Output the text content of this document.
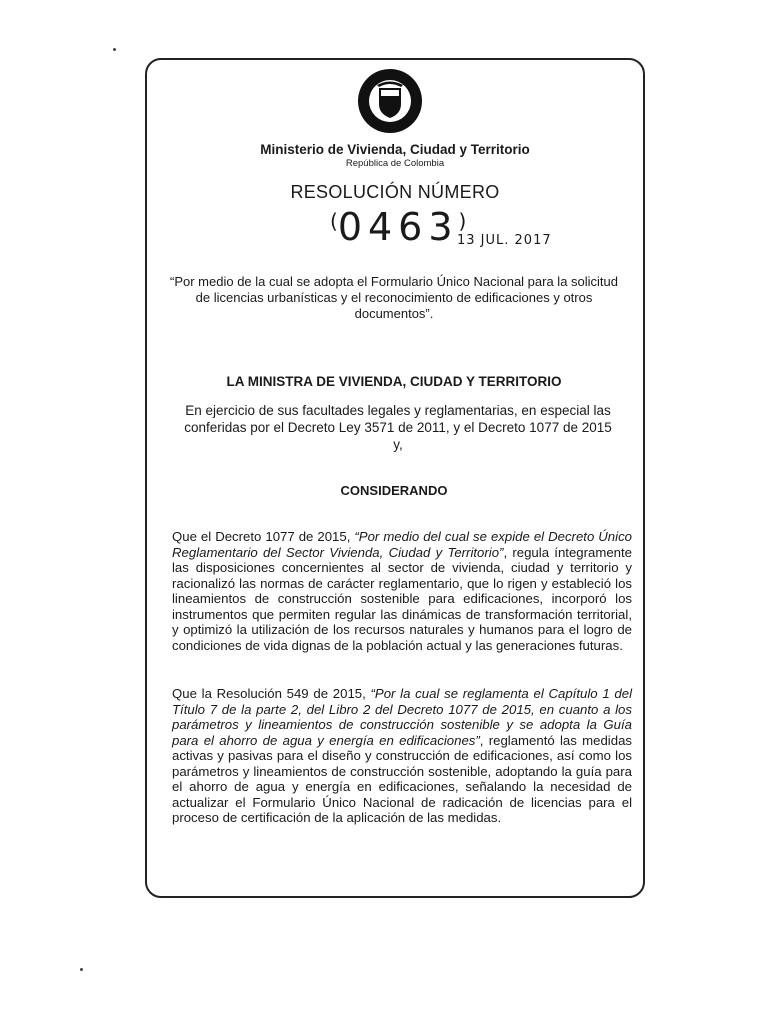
Ministerio de Vivienda, Ciudad y Territorio
República de Colombia
RESOLUCIÓN NÚMERO
(0463)
13 JUL. 2017
“Por medio de la cual se adopta el Formulario Único Nacional para la solicitud de licencias urbanísticas y el reconocimiento de edificaciones y otros documentos”.
LA MINISTRA DE VIVIENDA, CIUDAD Y TERRITORIO
En ejercicio de sus facultades legales y reglamentarias, en especial las conferidas por el Decreto Ley 3571 de 2011, y el Decreto 1077 de 2015
y,
CONSIDERANDO
Que el Decreto 1077 de 2015, “Por medio del cual se expide el Decreto Único Reglamentario del Sector Vivienda, Ciudad y Territorio”, regula íntegramente las disposiciones concernientes al sector de vivienda, ciudad y territorio y racionalizó las normas de carácter reglamentario, que lo rigen y estableció los lineamientos de construcción sostenible para edificaciones, incorporó los instrumentos que permiten regular las dinámicas de transformación territorial, y optimizó la utilización de los recursos naturales y humanos para el logro de condiciones de vida dignas de la población actual y las generaciones futuras.
Que la Resolución 549 de 2015, “Por la cual se reglamenta el Capítulo 1 del Título 7 de la parte 2, del Libro 2 del Decreto 1077 de 2015, en cuanto a los parámetros y lineamientos de construcción sostenible y se adopta la Guía para el ahorro de agua y energía en edificaciones”, reglamentó las medidas activas y pasivas para el diseño y construcción de edificaciones, así como los parámetros y lineamientos de construcción sostenible, adoptando la guía para el ahorro de agua y energía en edificaciones, señalando la necesidad de actualizar el Formulario Único Nacional de radicación de licencias para el proceso de certificación de la aplicación de las medidas.
